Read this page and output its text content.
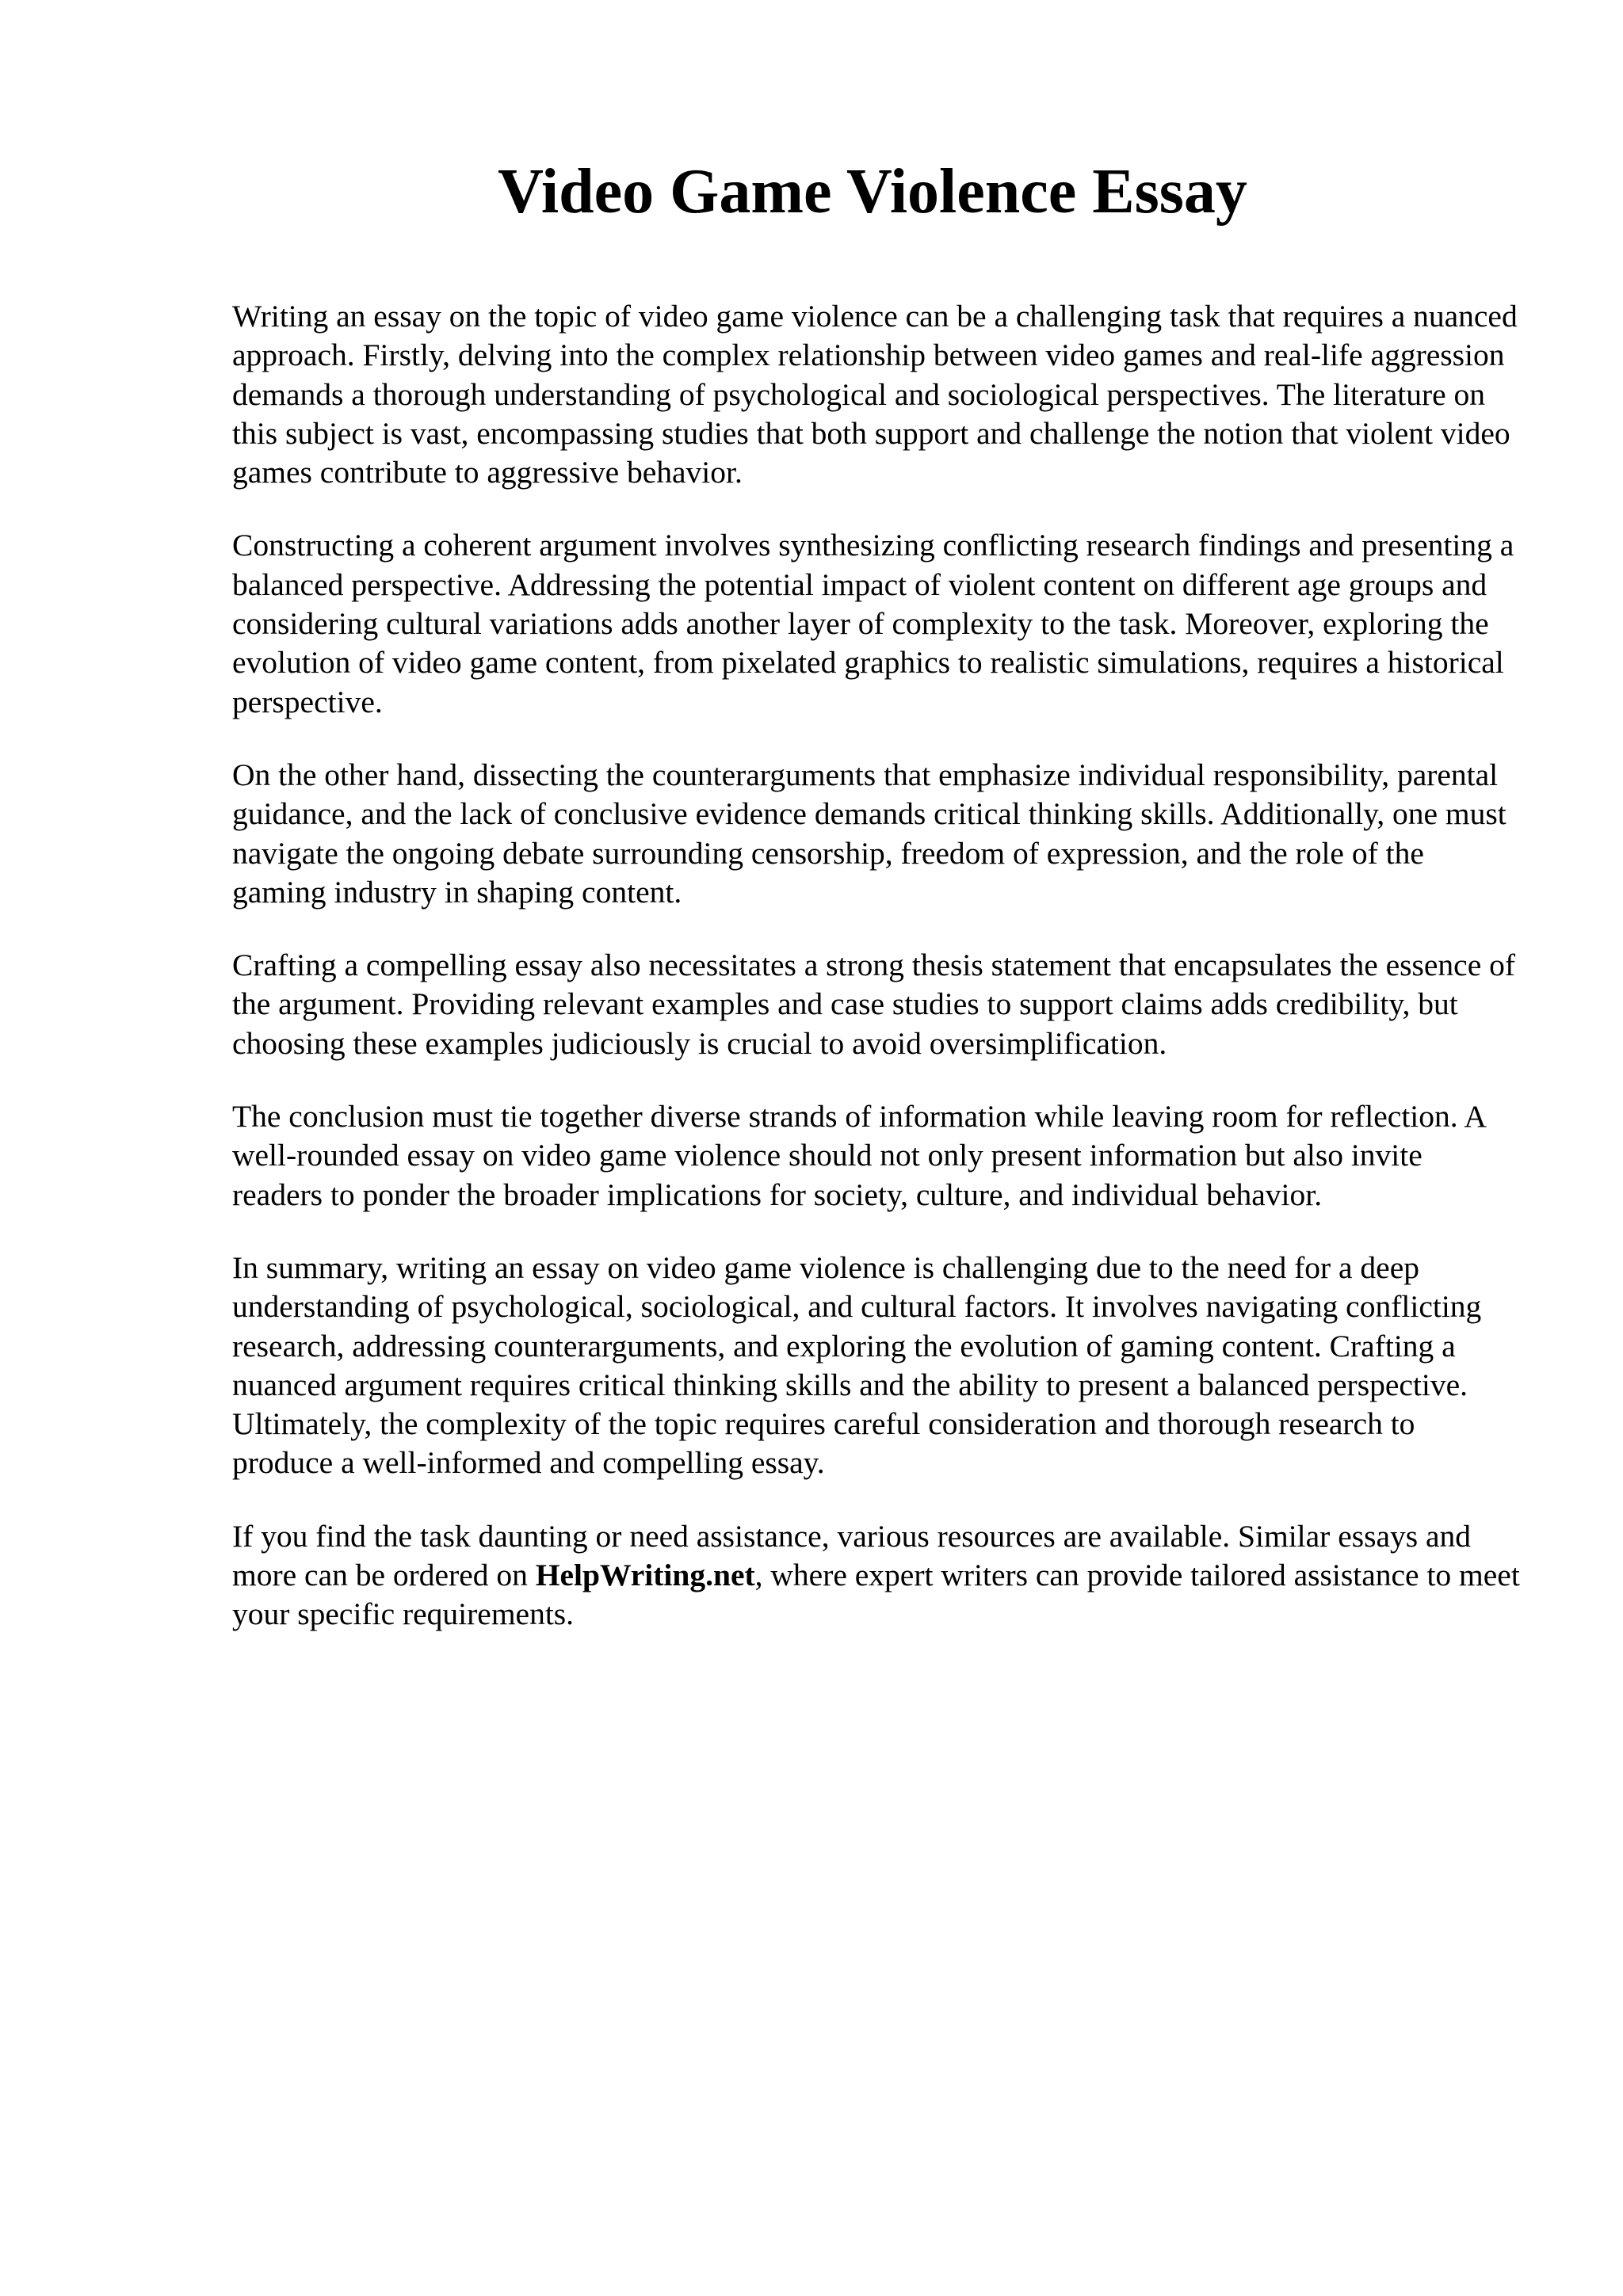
Video Game Violence Essay

Writing an essay on the topic of video game violence can be a challenging task that requires a nuanced approach. Firstly, delving into the complex relationship between video games and real-life aggression demands a thorough understanding of psychological and sociological perspectives. The literature on this subject is vast, encompassing studies that both support and challenge the notion that violent video games contribute to aggressive behavior.

Constructing a coherent argument involves synthesizing conflicting research findings and presenting a balanced perspective. Addressing the potential impact of violent content on different age groups and considering cultural variations adds another layer of complexity to the task. Moreover, exploring the evolution of video game content, from pixelated graphics to realistic simulations, requires a historical perspective.

On the other hand, dissecting the counterarguments that emphasize individual responsibility, parental guidance, and the lack of conclusive evidence demands critical thinking skills. Additionally, one must navigate the ongoing debate surrounding censorship, freedom of expression, and the role of the gaming industry in shaping content.

Crafting a compelling essay also necessitates a strong thesis statement that encapsulates the essence of the argument. Providing relevant examples and case studies to support claims adds credibility, but choosing these examples judiciously is crucial to avoid oversimplification.

The conclusion must tie together diverse strands of information while leaving room for reflection. A well-rounded essay on video game violence should not only present information but also invite readers to ponder the broader implications for society, culture, and individual behavior.

In summary, writing an essay on video game violence is challenging due to the need for a deep understanding of psychological, sociological, and cultural factors. It involves navigating conflicting research, addressing counterarguments, and exploring the evolution of gaming content. Crafting a nuanced argument requires critical thinking skills and the ability to present a balanced perspective. Ultimately, the complexity of the topic requires careful consideration and thorough research to produce a well-informed and compelling essay.

If you find the task daunting or need assistance, various resources are available. Similar essays and more can be ordered on HelpWriting.net, where expert writers can provide tailored assistance to meet your specific requirements.
